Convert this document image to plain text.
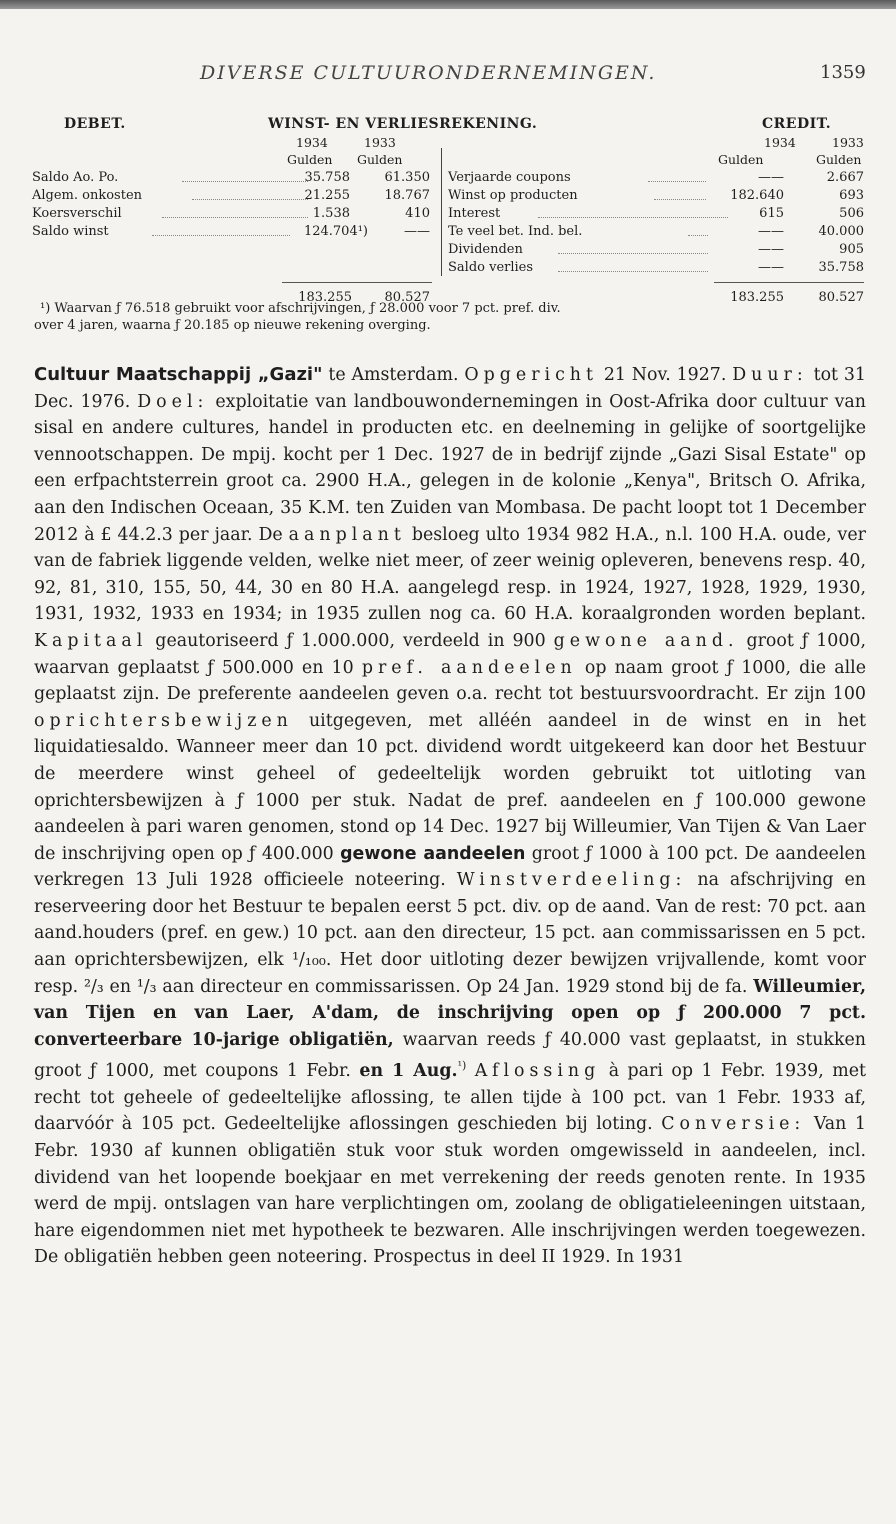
DIVERSE CULTUURONDERNEMINGEN.	1359
DEBET.	WINST- EN VERLIESREKENING.	CREDIT.
1934	1933
Gulden Gulden
1934	1933
Gulden	Gulden
Saldo Ao. Po.	35.758	61.350
Algem. onkosten	21.255	18.767
Koersverschil	1.538	410
Saldo winst	124.704¹)	——
Verjaarde coupons	——	2.667
Winst op producten	182.640	693
Interest	615	506
Te veel bet. Ind. bel.	——	40.000
Dividenden	——	905
Saldo verlies	——	35.758
183.255	80.527	183.255	80.527
¹) Waarvan ƒ 76.518 gebruikt voor afschrijvingen, ƒ 28.000 voor 7 pct. pref. div.
over 4 jaren, waarna ƒ 20.185 op nieuwe rekening overging.
Cultuur Maatschappij „Gazi" te Amsterdam. Opgericht 21 Nov. 1927. Duur: tot 31 Dec. 1976. Doel: exploitatie van landbouwondernemingen in Oost-Afrika door cultuur van sisal en andere cultures, handel in producten etc. en deelneming in gelijke of soortgelijke vennootschappen. De mpij. kocht per 1 Dec. 1927 de in bedrijf zijnde „Gazi Sisal Estate" op een erfpachtsterrein groot ca. 2900 H.A., gelegen in de kolonie „Kenya", Britsch O. Afrika, aan den Indischen Oceaan, 35 K.M. ten Zuiden van Mombasa. De pacht loopt tot 1 December 2012 à £ 44.2.3 per jaar. De aanplant besloeg ulto 1934 982 H.A., n.l. 100 H.A. oude, ver van de fabriek liggende velden, welke niet meer, of zeer weinig opleveren, benevens resp. 40, 92, 81, 310, 155, 50, 44, 30 en 80 H.A. aangelegd resp. in 1924, 1927, 1928, 1929, 1930, 1931, 1932, 1933 en 1934; in 1935 zullen nog ca. 60 H.A. koraalgronden worden beplant. Kapitaal geautoriseerd ƒ 1.000.000, verdeeld in 900 gewone aand. groot ƒ 1000, waarvan geplaatst ƒ 500.000 en 10 pref. aandeelen op naam groot ƒ 1000, die alle geplaatst zijn. De preferente aandeelen geven o.a. recht tot bestuursvoordracht. Er zijn 100 oprichtersbewijzen uitgegeven, met alléén aandeel in de winst en in het liquidatiesaldo. Wanneer meer dan 10 pct. dividend wordt uitgekeerd kan door het Bestuur de meerdere winst geheel of gedeeltelijk worden gebruikt tot uitloting van oprichtersbewijzen à ƒ 1000 per stuk. Nadat de pref. aandeelen en ƒ 100.000 gewone aandeelen à pari waren genomen, stond op 14 Dec. 1927 bij Willeumier, Van Tijen & Van Laer de inschrijving open op ƒ 400.000 gewone aandeelen groot ƒ 1000 à 100 pct. De aandeelen verkregen 13 Juli 1928 officieele noteering. Winstverdeeling: na afschrijving en reserveering door het Bestuur te bepalen eerst 5 pct. div. op de aand. Van de rest: 70 pct. aan aand.houders (pref. en gew.) 10 pct. aan den directeur, 15 pct. aan commissarissen en 5 pct. aan oprichtersbewijzen, elk ¹/₁₀₀. Het door uitloting dezer bewijzen vrijvallende, komt voor resp. ²/₃ en ¹/₃ aan directeur en commissarissen. Op 24 Jan. 1929 stond bij de fa. Willeumier, van Tijen en van Laer, A'dam, de inschrijving open op ƒ 200.000 7 pct. converteerbare 10-jarige obligatiën, waarvan reeds ƒ 40.000 vast geplaatst, in stukken groot ƒ 1000, met coupons 1 Febr. en 1 Aug.$^{^1)}$ Aflossing à pari op 1 Febr. 1939, met recht tot geheele of gedeeltelijke aflossing, te allen tijde à 100 pct. van 1 Febr. 1933 af, daarvóór à 105 pct. Gedeeltelijke aflossingen geschieden bij loting. Conversie: Van 1 Febr. 1930 af kunnen obligatiën stuk voor stuk worden omgewisseld in aandeelen, incl. dividend van het loopende boekjaar en met verrekening der reeds genoten rente. In 1935 werd de mpij. ontslagen van hare verplichtingen om, zoolang de obligatieleeningen uitstaan, hare eigendommen niet met hypotheek te bezwaren. Alle inschrijvingen werden toegewezen. De obligatiën hebben geen noteering. Prospectus in deel II 1929. In 1931
